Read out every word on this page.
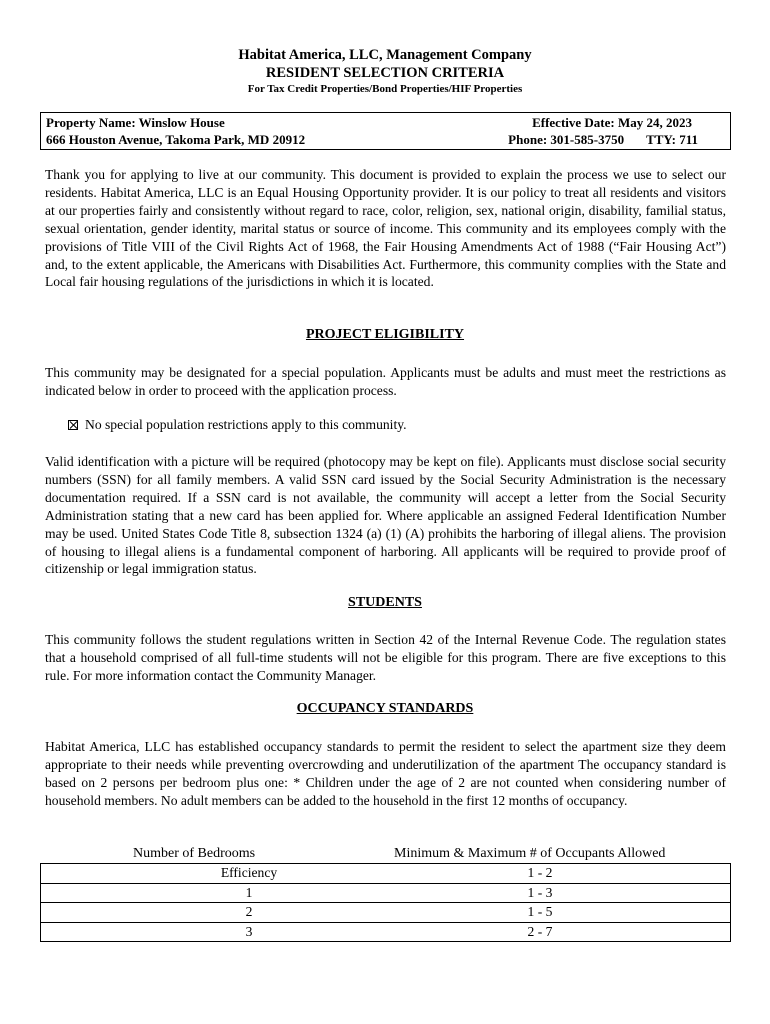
Habitat America, LLC, Management Company
RESIDENT SELECTION CRITERIA
For Tax Credit Properties/Bond Properties/HIF Properties
Property Name: Winslow House
666 Houston Avenue, Takoma Park, MD 20912
Effective Date: May 24, 2023
Phone: 301-585-3750 TTY: 711

Thank you for applying to live at our community. This document is provided to explain the process we use to select our residents. Habitat America, LLC is an Equal Housing Opportunity provider. It is our policy to treat all residents and visitors at our properties fairly and consistently without regard to race, color, religion, sex, national origin, disability, familial status, sexual orientation, gender identity, marital status or source of income. This community and its employees comply with the provisions of Title VIII of the Civil Rights Act of 1968, the Fair Housing Amendments Act of 1988 (“Fair Housing Act”) and, to the extent applicable, the Americans with Disabilities Act. Furthermore, this community complies with the State and Local fair housing regulations of the jurisdictions in which it is located.

PROJECT ELIGIBILITY

This community may be designated for a special population. Applicants must be adults and must meet the restrictions as indicated below in order to proceed with the application process.

No special population restrictions apply to this community.

Valid identification with a picture will be required (photocopy may be kept on file). Applicants must disclose social security numbers (SSN) for all family members. A valid SSN card issued by the Social Security Administration is the necessary documentation required. If a SSN card is not available, the community will accept a letter from the Social Security Administration stating that a new card has been applied for. Where applicable an assigned Federal Identification Number may be used. United States Code Title 8, subsection 1324 (a) (1) (A) prohibits the harboring of illegal aliens. The provision of housing to illegal aliens is a fundamental component of harboring. All applicants will be required to provide proof of citizenship or legal immigration status.

STUDENTS

This community follows the student regulations written in Section 42 of the Internal Revenue Code. The regulation states that a household comprised of all full-time students will not be eligible for this program. There are five exceptions to this rule. For more information contact the Community Manager.

OCCUPANCY STANDARDS

Habitat America, LLC has established occupancy standards to permit the resident to select the apartment size they deem appropriate to their needs while preventing overcrowding and underutilization of the apartment The occupancy standard is based on 2 persons per bedroom plus one: * Children under the age of 2 are not counted when considering number of household members. No adult members can be added to the household in the first 12 months of occupancy.

Number of Bedrooms	Minimum & Maximum # of Occupants Allowed
Efficiency	1 - 2
1	1 - 3
2	1 - 5
3	2 - 7
